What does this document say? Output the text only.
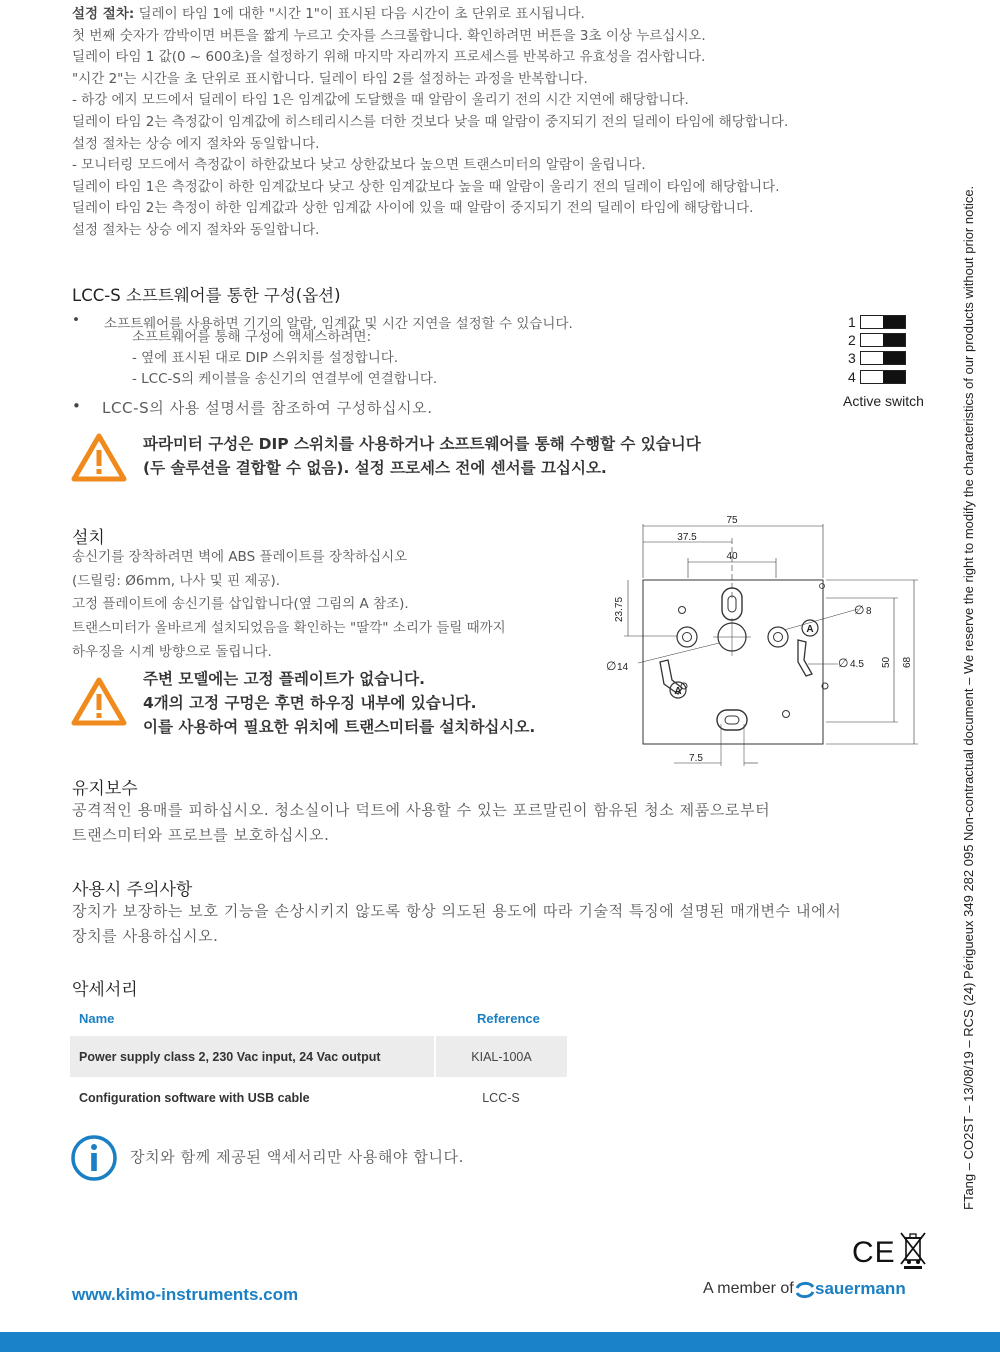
설정 절차: 딜레이 타임 1에 대한 "시간 1"이 표시된 다음 시간이 초 단위로 표시됩니다.
첫 번째 숫자가 깜박이면 버튼을 짧게 누르고 숫자를 스크롤합니다. 확인하려면 버튼을 3초 이상 누르십시오.
딜레이 타임 1 값(0 ~ 600초)을 설정하기 위해 마지막 자리까지 프로세스를 반복하고 유효성을 검사합니다.
"시간 2"는 시간을 초 단위로 표시합니다. 딜레이 타임 2를 설정하는 과정을 반복합니다.
- 하강 에지 모드에서 딜레이 타임 1은 임계값에 도달했을 때 알람이 울리기 전의 시간 지연에 해당합니다.
딜레이 타임 2는 측정값이 임계값에 히스테리시스를 더한 것보다 낮을 때 알람이 중지되기 전의 딜레이 타임에 해당합니다.
설정 절차는 상승 에지 절차와 동일합니다.
- 모니터링 모드에서 측정값이 하한값보다 낮고 상한값보다 높으면 트랜스미터의 알람이 울립니다.
딜레이 타임 1은 측정값이 하한 임계값보다 낮고 상한 임계값보다 높을 때 알람이 울리기 전의 딜레이 타임에 해당합니다.
딜레이 타임 2는 측정이 하한 임계값과 상한 임계값 사이에 있을 때 알람이 중지되기 전의 딜레이 타임에 해당합니다.
설정 절차는 상승 에지 절차와 동일합니다.
LCC-S 소프트웨어를 통한 구성(옵션)
• 소프트웨어를 사용하면 기기의 알람, 임계값 및 시간 지연을 설정할 수 있습니다.
소프트웨어를 통해 구성에 액세스하려면:
- 옆에 표시된 대로 DIP 스위치를 설정합니다.
- LCC-S의 케이블을 송신기의 연결부에 연결합니다.
• LCC-S의 사용 설명서를 참조하여 구성하십시오.
1
2
3
4
Active switch
파라미터 구성은 DIP 스위치를 사용하거나 소프트웨어를 통해 수행할 수 있습니다
(두 솔루션을 결합할 수 없음). 설정 프로세스 전에 센서를 끄십시오.
설치
송신기를 장착하려면 벽에 ABS 플레이트를 장착하십시오
(드릴링: Ø6mm, 나사 및 핀 제공).
고정 플레이트에 송신기를 삽입합니다(옆 그림의 A 참조).
트랜스미터가 올바르게 설치되었음을 확인하는 "딸깍" 소리가 들릴 때까지
하우징을 시계 방향으로 돌립니다.
주변 모델에는 고정 플레이트가 없습니다.
4개의 고정 구멍은 후면 하우징 내부에 있습니다.
이를 사용하여 필요한 위치에 트랜스미터를 설치하십시오.
75
37.5
40
23.75
A
A
∅ 8
∅ 4.5
∅ 14	50 68
7.5
유지보수
공격적인 용매를 피하십시오. 청소실이나 덕트에 사용할 수 있는 포르말린이 함유된 청소 제품으로부터
트랜스미터와 프로브를 보호하십시오.
사용시 주의사항
장치가 보장하는 보호 기능을 손상시키지 않도록 항상 의도된 용도에 따라 기술적 특징에 설명된 매개변수 내에서
장치를 사용하십시오.
악세서리
Name	Reference
Power supply class 2, 230 Vac input, 24 Vac output	KIAL-100A
Configuration software with USB cable	LCC-S
장치와 함께 제공된 액세서리만 사용해야 합니다.	FTang – CO2ST – 13/08/19 – RCS (24) Périgueux 349 282 095 Non-contractual document – We reserve the right to modify the characteristics of our products without prior notice.
CE
www.kimo-instruments.com	A member of sauermann
